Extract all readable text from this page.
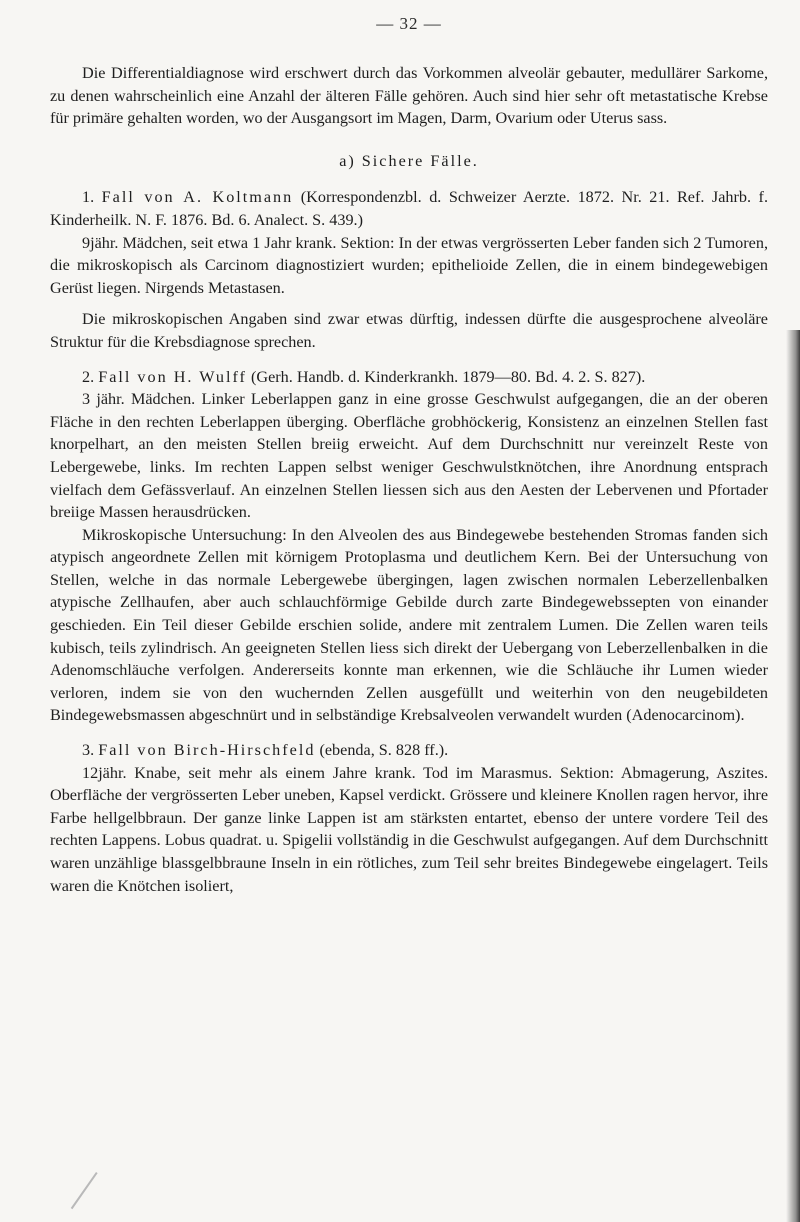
— 32 —

Die Differentialdiagnose wird erschwert durch das Vorkommen alveolär gebauter, medullärer Sarkome, zu denen wahrscheinlich eine Anzahl der älteren Fälle gehören. Auch sind hier sehr oft metastatische Krebse für primäre gehalten worden, wo der Ausgangsort im Magen, Darm, Ovarium oder Uterus sass.

a) Sichere Fälle.

1. Fall von A. Koltmann (Korrespondenzbl. d. Schweizer Aerzte. 1872. Nr. 21. Ref. Jahrb. f. Kinderheilk. N. F. 1876. Bd. 6. Analect. S. 439.)

9jähr. Mädchen, seit etwa 1 Jahr krank. Sektion: In der etwas vergrösserten Leber fanden sich 2 Tumoren, die mikroskopisch als Carcinom diagnostiziert wurden; epithelioide Zellen, die in einem bindegewebigen Gerüst liegen. Nirgends Metastasen.

Die mikroskopischen Angaben sind zwar etwas dürftig, indessen dürfte die ausgesprochene alveoläre Struktur für die Krebsdiagnose sprechen.

2. Fall von H. Wulff (Gerh. Handb. d. Kinderkrankh. 1879—80. Bd. 4. 2. S. 827).

3 jähr. Mädchen. Linker Leberlappen ganz in eine grosse Geschwulst aufgegangen, die an der oberen Fläche in den rechten Leberlappen überging. Oberfläche grobhöckerig, Konsistenz an einzelnen Stellen fast knorpelhart, an den meisten Stellen breiig erweicht. Auf dem Durchschnitt nur vereinzelt Reste von Lebergewebe, links. Im rechten Lappen selbst weniger Geschwulstknötchen, ihre Anordnung entsprach vielfach dem Gefässverlauf. An einzelnen Stellen liessen sich aus den Aesten der Lebervenen und Pfortader breiige Massen herausdrücken.

Mikroskopische Untersuchung: In den Alveolen des aus Bindegewebe bestehenden Stromas fanden sich atypisch angeordnete Zellen mit körnigem Protoplasma und deutlichem Kern. Bei der Untersuchung von Stellen, welche in das normale Lebergewebe übergingen, lagen zwischen normalen Leberzellenbalken atypische Zellhaufen, aber auch schlauchförmige Gebilde durch zarte Bindegewebssepten von einander geschieden. Ein Teil dieser Gebilde erschien solide, andere mit zentralem Lumen. Die Zellen waren teils kubisch, teils zylindrisch. An geeigneten Stellen liess sich direkt der Uebergang von Leberzellenbalken in die Adenomschläuche verfolgen. Andererseits konnte man erkennen, wie die Schläuche ihr Lumen wieder verloren, indem sie von den wuchernden Zellen ausgefüllt und weiterhin von den neugebildeten Bindegewebsmassen abgeschnürt und in selbständige Krebsalveolen verwandelt wurden (Adenocarcinom).

3. Fall von Birch-Hirschfeld (ebenda, S. 828 ff.).

12jähr. Knabe, seit mehr als einem Jahre krank. Tod im Marasmus. Sektion: Abmagerung, Aszites. Oberfläche der vergrösserten Leber uneben, Kapsel verdickt. Grössere und kleinere Knollen ragen hervor, ihre Farbe hellgelbbraun. Der ganze linke Lappen ist am stärksten entartet, ebenso der untere vordere Teil des rechten Lappens. Lobus quadrat. u. Spigelii vollständig in die Geschwulst aufgegangen. Auf dem Durchschnitt waren unzählige blassgelbbraune Inseln in ein rötliches, zum Teil sehr breites Bindegewebe eingelagert. Teils waren die Knötchen isoliert,
